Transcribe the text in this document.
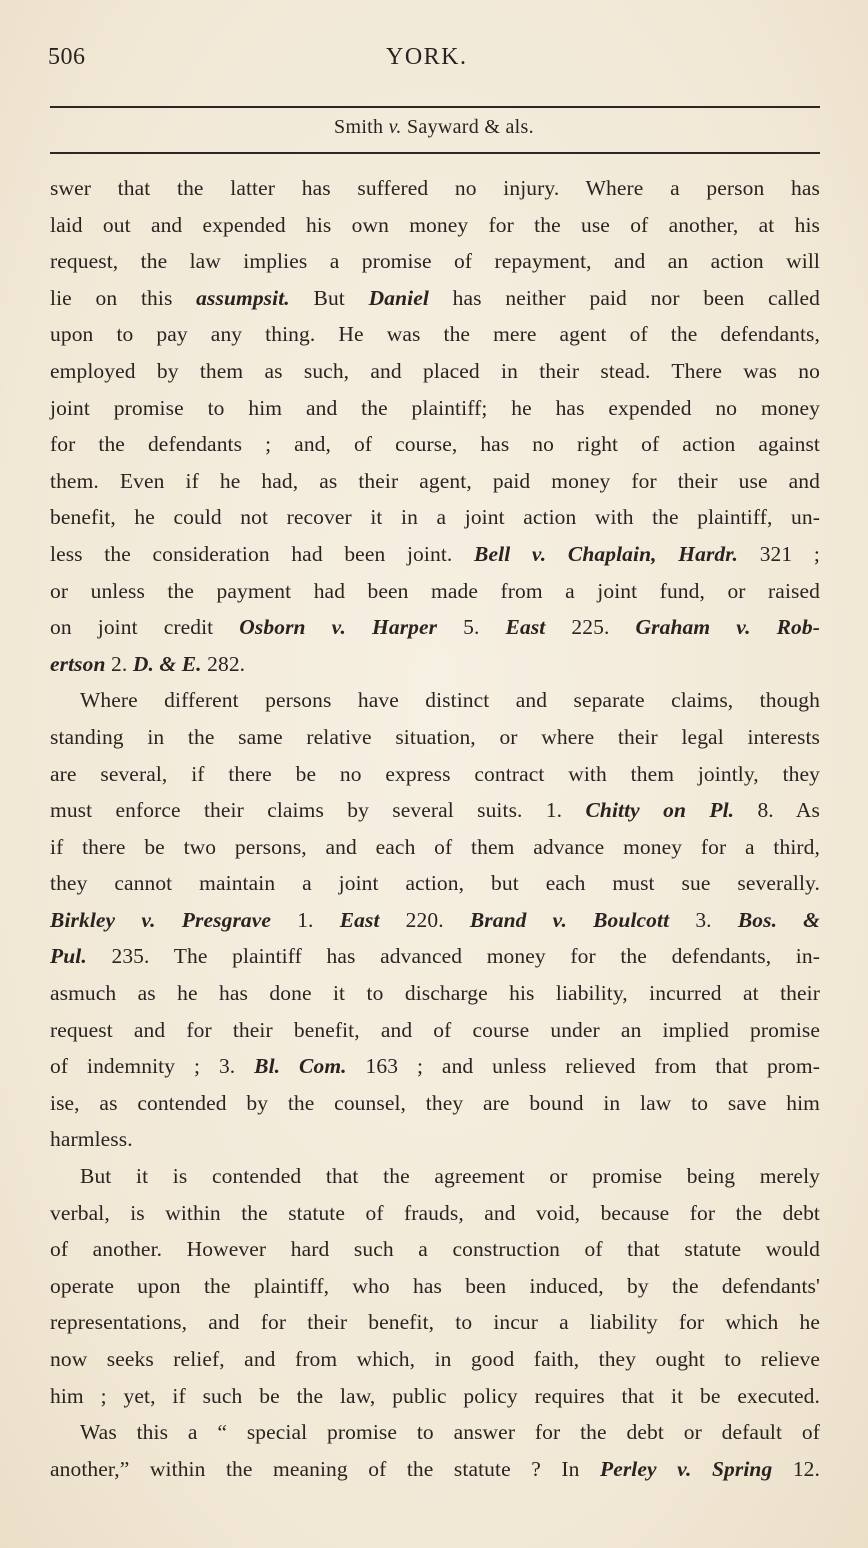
506	YORK.
Smith v. Sayward & als.
swer that the latter has suffered no injury. Where a person has
laid out and expended his own money for the use of another, at his
request, the law implies a promise of repayment, and an action will
lie on this assumpsit. But Daniel has neither paid nor been called
upon to pay any thing. He was the mere agent of the defendants,
employed by them as such, and placed in their stead. There was no
joint promise to him and the plaintiff; he has expended no money
for the defendants ; and, of course, has no right of action against
them. Even if he had, as their agent, paid money for their use and
benefit, he could not recover it in a joint action with the plaintiff, un-
less the consideration had been joint. Bell v. Chaplain, Hardr. 321 ;
or unless the payment had been made from a joint fund, or raised
on joint credit Osborn v. Harper 5. East 225. Graham v. Rob-
ertson 2. D. & E. 282.
Where different persons have distinct and separate claims, though
standing in the same relative situation, or where their legal interests
are several, if there be no express contract with them jointly, they
must enforce their claims by several suits. 1. Chitty on Pl. 8. As
if there be two persons, and each of them advance money for a third,
they cannot maintain a joint action, but each must sue severally.
Birkley v. Presgrave 1. East 220. Brand v. Boulcott 3. Bos. &
Pul. 235. The plaintiff has advanced money for the defendants, in-
asmuch as he has done it to discharge his liability, incurred at their
request and for their benefit, and of course under an implied promise
of indemnity ; 3. Bl. Com. 163 ; and unless relieved from that prom-
ise, as contended by the counsel, they are bound in law to save him
harmless.
But it is contended that the agreement or promise being merely
verbal, is within the statute of frauds, and void, because for the debt
of another. However hard such a construction of that statute would
operate upon the plaintiff, who has been induced, by the defendants'
representations, and for their benefit, to incur a liability for which he
now seeks relief, and from which, in good faith, they ought to relieve
him ; yet, if such be the law, public policy requires that it be executed.
Was this a “ special promise to answer for the debt or default of
another,” within the meaning of the statute ? In Perley v. Spring 12.
